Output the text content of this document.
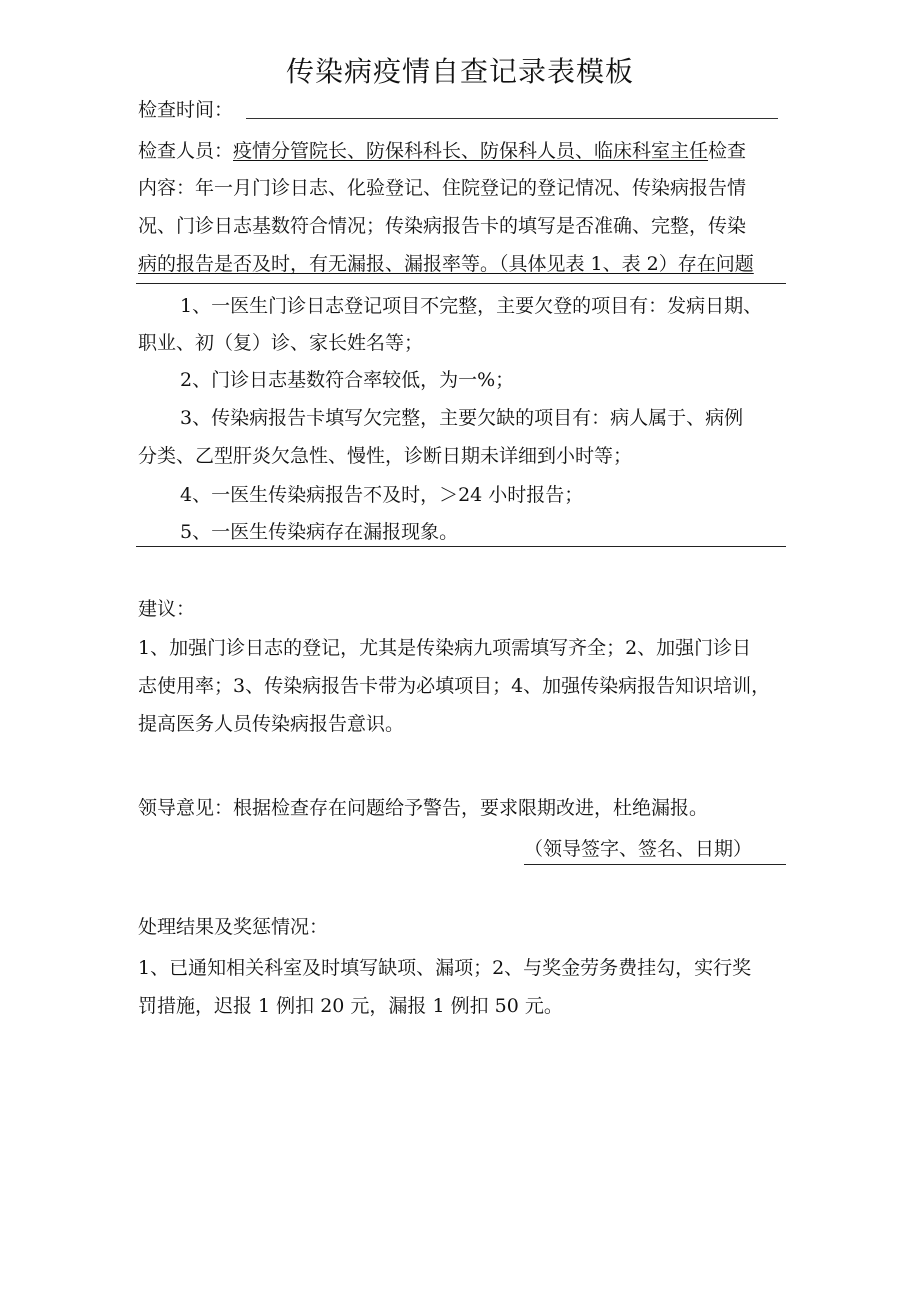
传染病疫情自查记录表模板
检查时间：
检查人员：疫情分管院长、防保科科长、防保科人员、临床科室主任检查
内容：年一月门诊日志、化验登记、住院登记的登记情况、传染病报告情
况、门诊日志基数符合情况；传染病报告卡的填写是否准确、完整，传染
病的报告是否及时，有无漏报、漏报率等。（具体见表 1、表 2）存在问题
1、一医生门诊日志登记项目不完整，主要欠登的项目有：发病日期、
职业、初（复）诊、家长姓名等；
2、门诊日志基数符合率较低，为一%；
3、传染病报告卡填写欠完整，主要欠缺的项目有：病人属于、病例
分类、乙型肝炎欠急性、慢性，诊断日期未详细到小时等；
4、一医生传染病报告不及时，＞24 小时报告；
5、一医生传染病存在漏报现象。
建议：
1、加强门诊日志的登记，尤其是传染病九项需填写齐全；2、加强门诊日
志使用率；3、传染病报告卡带为必填项目；4、加强传染病报告知识培训，
提高医务人员传染病报告意识。
领导意见：根据检查存在问题给予警告，要求限期改进，杜绝漏报。
（领导签字、签名、日期）
处理结果及奖惩情况：
1、已通知相关科室及时填写缺项、漏项；2、与奖金劳务费挂勾，实行奖
罚措施，迟报 1 例扣 20 元，漏报 1 例扣 50 元。
